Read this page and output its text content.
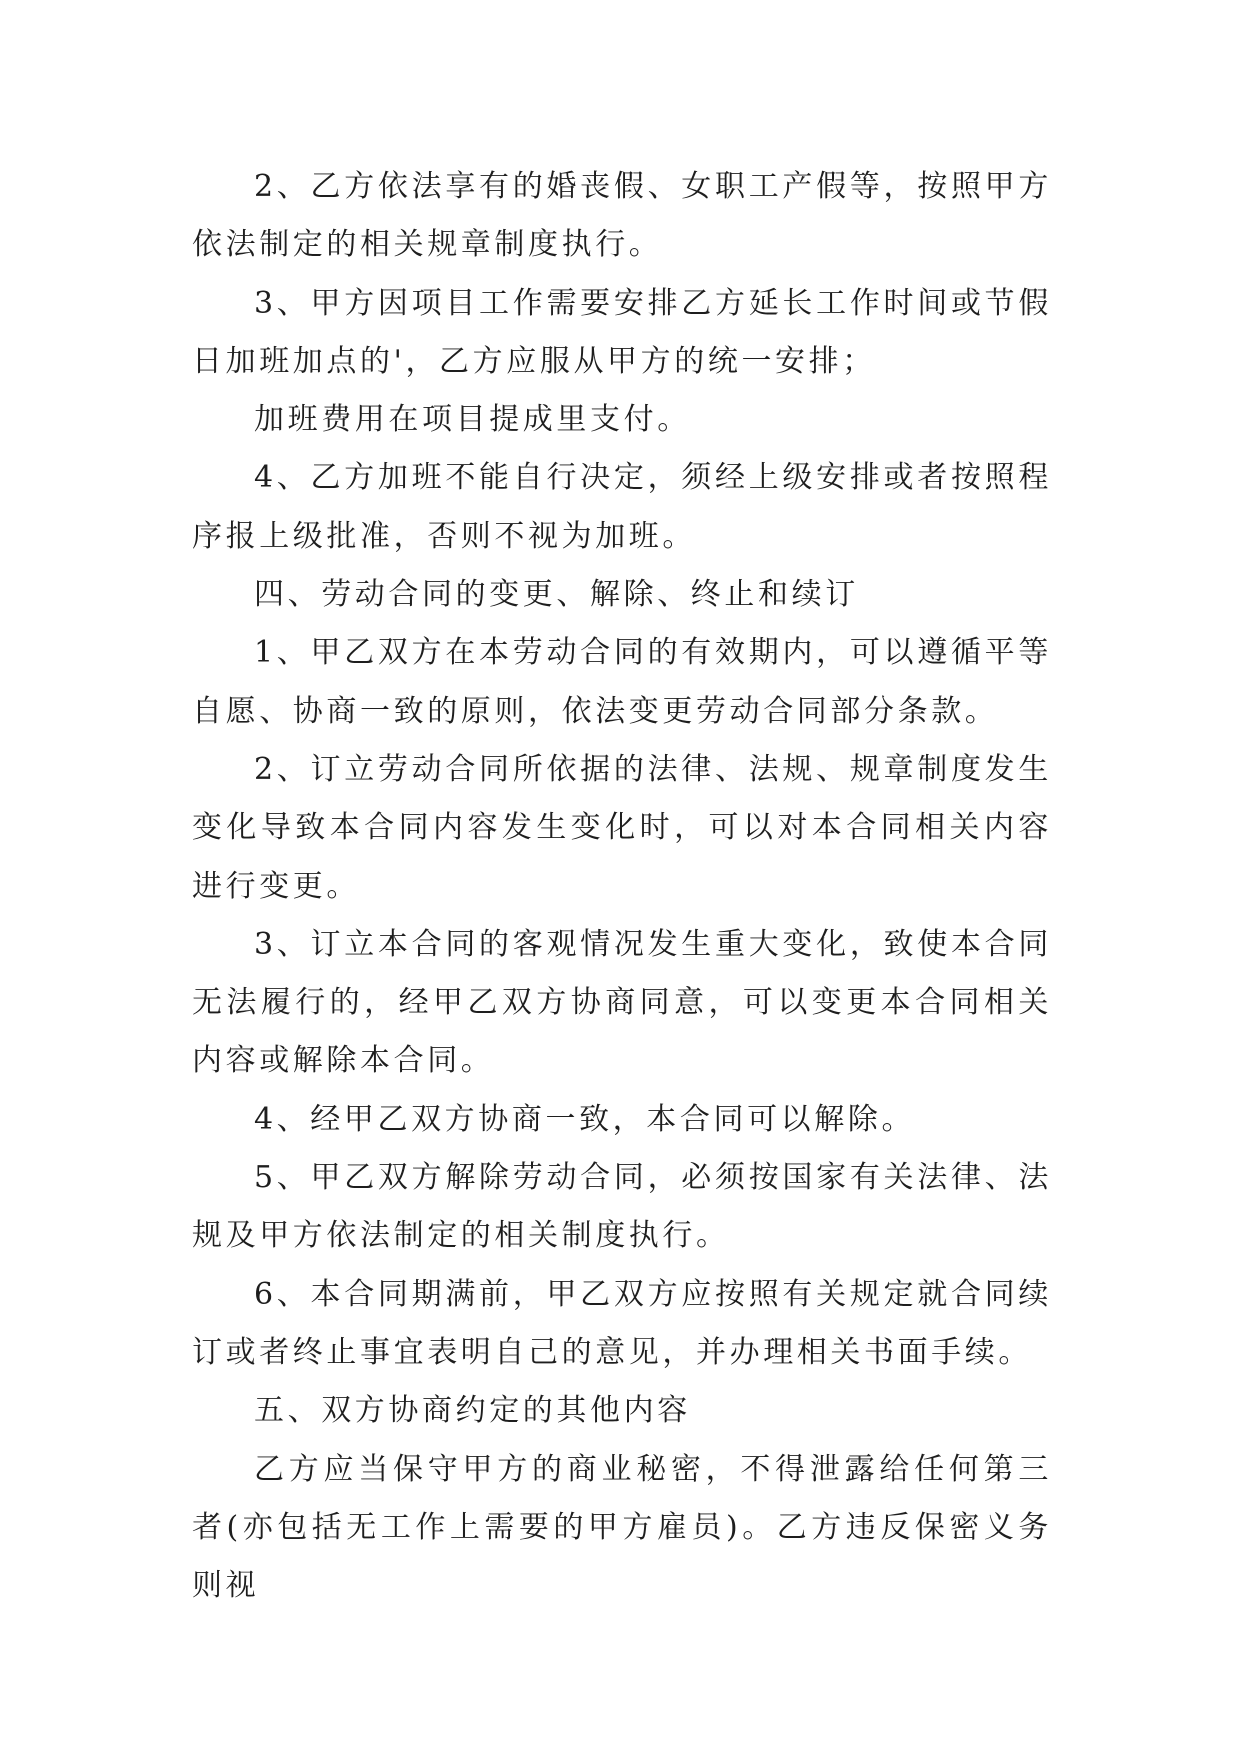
2、乙方依法享有的婚丧假、女职工产假等，按照甲方依法制定的相关规章制度执行。

3、甲方因项目工作需要安排乙方延长工作时间或节假日加班加点的'，乙方应服从甲方的统一安排；

加班费用在项目提成里支付。

4、乙方加班不能自行决定，须经上级安排或者按照程序报上级批准，否则不视为加班。

四、劳动合同的变更、解除、终止和续订

1、甲乙双方在本劳动合同的有效期内，可以遵循平等自愿、协商一致的原则，依法变更劳动合同部分条款。

2、订立劳动合同所依据的法律、法规、规章制度发生变化导致本合同内容发生变化时，可以对本合同相关内容进行变更。

3、订立本合同的客观情况发生重大变化，致使本合同无法履行的，经甲乙双方协商同意，可以变更本合同相关内容或解除本合同。

4、经甲乙双方协商一致，本合同可以解除。

5、甲乙双方解除劳动合同，必须按国家有关法律、法规及甲方依法制定的相关制度执行。

6、本合同期满前，甲乙双方应按照有关规定就合同续订或者终止事宜表明自己的意见，并办理相关书面手续。

五、双方协商约定的其他内容

乙方应当保守甲方的商业秘密，不得泄露给任何第三者(亦包括无工作上需要的甲方雇员)。乙方违反保密义务则视
